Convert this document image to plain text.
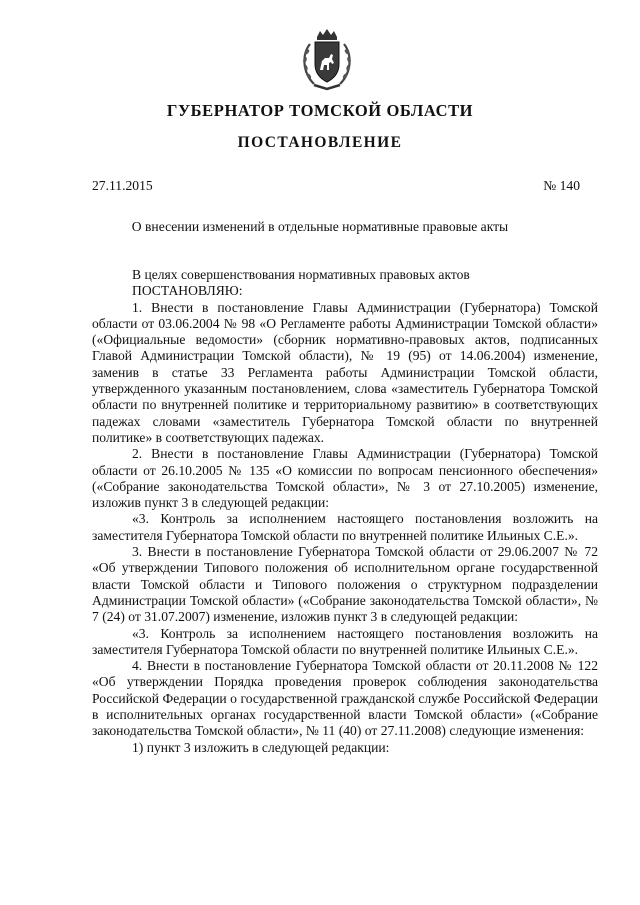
ГУБЕРНАТОР ТОМСКОЙ ОБЛАСТИ
ПОСТАНОВЛЕНИЕ
27.11.2015	№ 140
О внесении изменений в отдельные нормативные правовые акты

В целях совершенствования нормативных правовых актов

ПОСТАНОВЛЯЮ:

1. Внести в постановление Главы Администрации (Губернатора) Томской области от 03.06.2004 № 98 «О Регламенте работы Администрации Томской области» («Официальные ведомости» (сборник нормативно-правовых актов, подписанных Главой Администрации Томской области), № 19 (95) от 14.06.2004) изменение, заменив в статье 33 Регламента работы Администрации Томской области, утвержденного указанным постановлением, слова «заместитель Губернатора Томской области по внутренней политике и территориальному развитию» в соответствующих падежах словами «заместитель Губернатора Томской области по внутренней политике» в соответствующих падежах.

2. Внести в постановление Главы Администрации (Губернатора) Томской области от 26.10.2005 № 135 «О комиссии по вопросам пенсионного обеспечения» («Собрание законодательства Томской области», № 3 от 27.10.2005) изменение, изложив пункт 3 в следующей редакции:

«3. Контроль за исполнением настоящего постановления возложить на заместителя Губернатора Томской области по внутренней политике Ильиных С.Е.».

3. Внести в постановление Губернатора Томской области от 29.06.2007 № 72 «Об утверждении Типового положения об исполнительном органе государственной власти Томской области и Типового положения о структурном подразделении Администрации Томской области» («Собрание законодательства Томской области», № 7 (24) от 31.07.2007) изменение, изложив пункт 3 в следующей редакции:

«3. Контроль за исполнением настоящего постановления возложить на заместителя Губернатора Томской области по внутренней политике Ильиных С.Е.».

4. Внести в постановление Губернатора Томской области от 20.11.2008 № 122 «Об утверждении Порядка проведения проверок соблюдения законодательства Российской Федерации о государственной гражданской службе Российской Федерации в исполнительных органах государственной власти Томской области» («Собрание законодательства Томской области», № 11 (40) от 27.11.2008) следующие изменения:

1) пункт 3 изложить в следующей редакции:
